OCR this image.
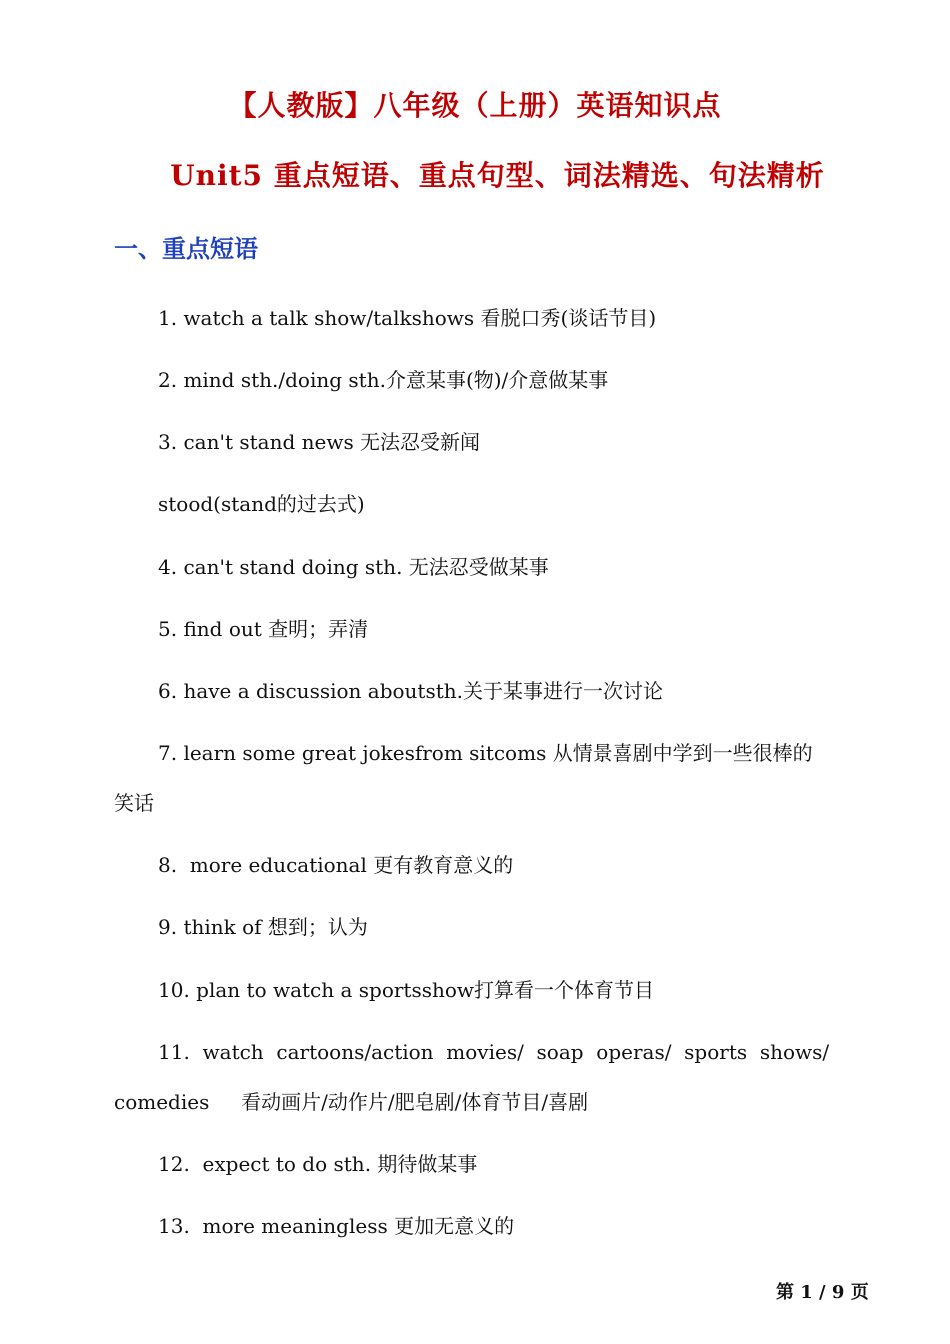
【人教版】八年级（上册）英语知识点
Unit5 重点短语、重点句型、词法精选、句法精析
一、重点短语
1. watch a talk show/talkshows 看脱口秀(谈话节目)
2. mind sth./doing sth.介意某事(物)/介意做某事
3. can't stand news 无法忍受新闻
stood(stand的过去式)
4. can't stand doing sth. 无法忍受做某事
5. find out 查明；弄清
6. have a discussion aboutsth.关于某事进行一次讨论
7. learn some great jokesfrom sitcoms 从情景喜剧中学到一些很棒的
笑话
8.  more educational 更有教育意义的
9. think of 想到；认为
10. plan to watch a sportsshow打算看一个体育节目
11.  watch  cartoons/action  movies/  soap  operas/  sports  shows/
comedies     看动画片/动作片/肥皂剧/体育节目/喜剧
12.  expect to do sth. 期待做某事
13.  more meaningless 更加无意义的
第 1 / 9 页
